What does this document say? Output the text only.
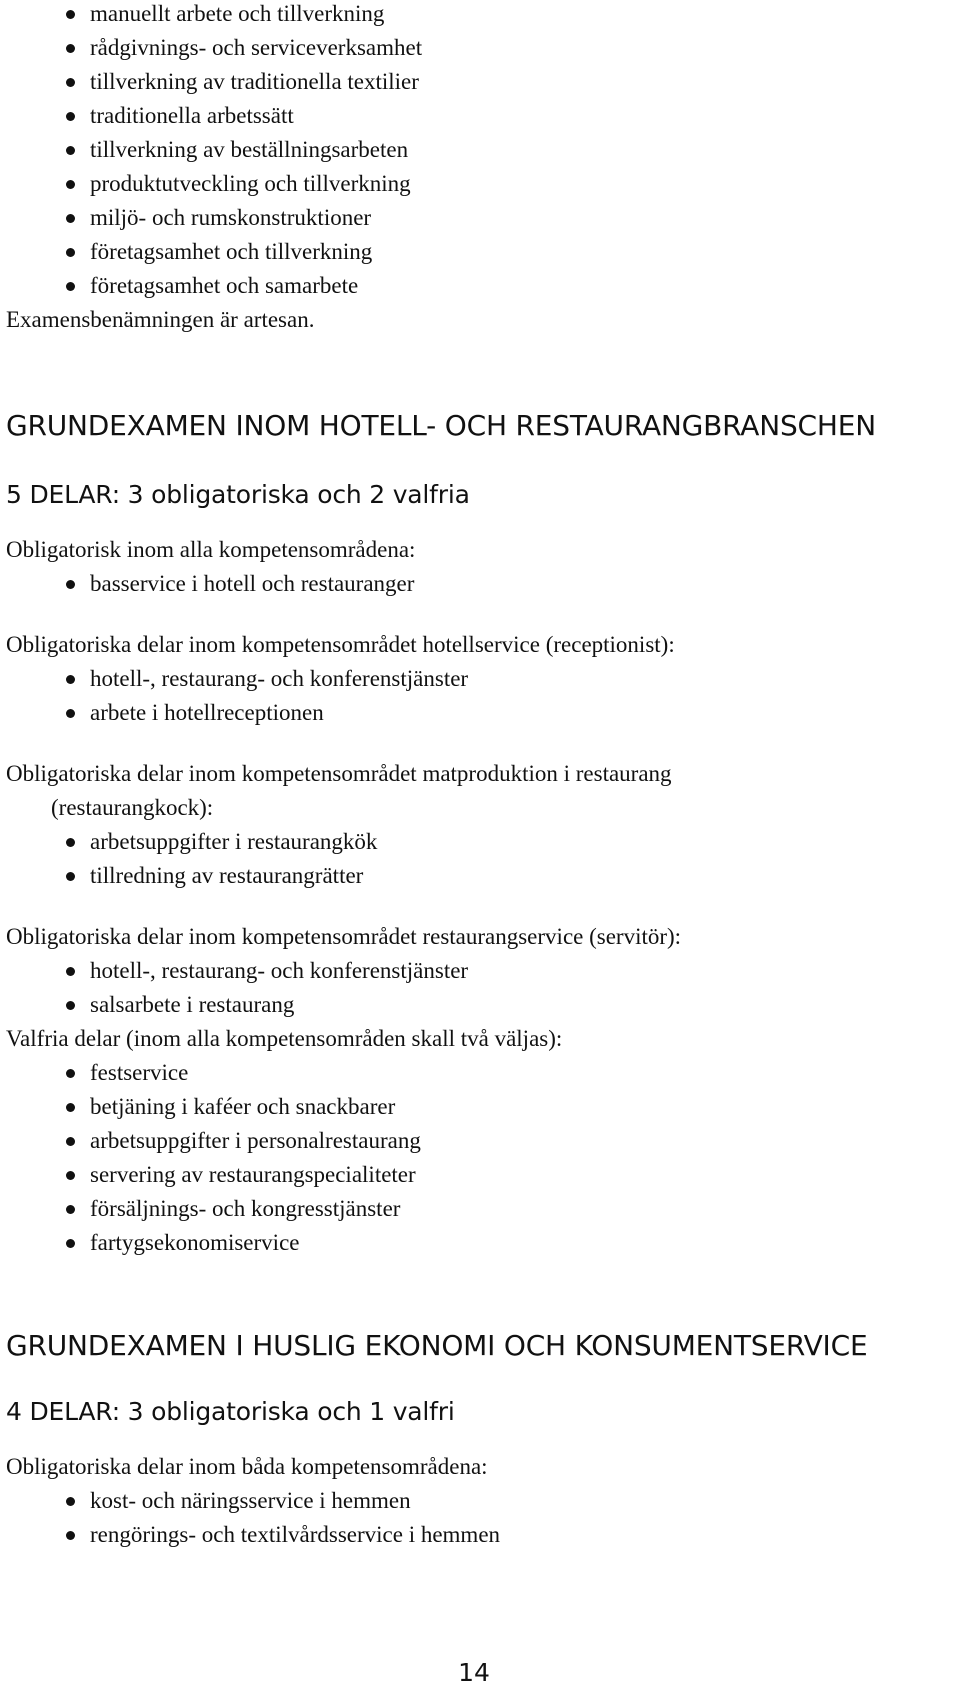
manuellt arbete och tillverkning
rådgivnings- och serviceverksamhet
tillverkning av traditionella textilier
traditionella arbetssätt
tillverkning av beställningsarbeten
produktutveckling och tillverkning
miljö- och rumskonstruktioner
företagsamhet och tillverkning
företagsamhet och samarbete
Examensbenämningen är artesan.
GRUNDEXAMEN INOM HOTELL- OCH RESTAURANGBRANSCHEN
5 DELAR: 3 obligatoriska och 2 valfria
Obligatorisk inom alla kompetensområdena:
basservice i hotell och restauranger
Obligatoriska delar inom kompetensområdet hotellservice (receptionist):
hotell-, restaurang- och konferenstjänster
arbete i hotellreceptionen
Obligatoriska delar inom kompetensområdet matproduktion i restaurang
(restaurangkock):
arbetsuppgifter i restaurangkök
tillredning av restaurangrätter
Obligatoriska delar inom kompetensområdet restaurangservice (servitör):
hotell-, restaurang- och konferenstjänster
salsarbete i restaurang
Valfria delar (inom alla kompetensområden skall två väljas):
festservice
betjäning i kaféer och snackbarer
arbetsuppgifter i personalrestaurang
servering av restaurangspecialiteter
försäljnings- och kongresstjänster
fartygsekonomiservice
GRUNDEXAMEN I HUSLIG EKONOMI OCH KONSUMENTSERVICE
4 DELAR: 3 obligatoriska och 1 valfri
Obligatoriska delar inom båda kompetensområdena:
kost- och näringsservice i hemmen
rengörings- och textilvårdsservice i hemmen
14
